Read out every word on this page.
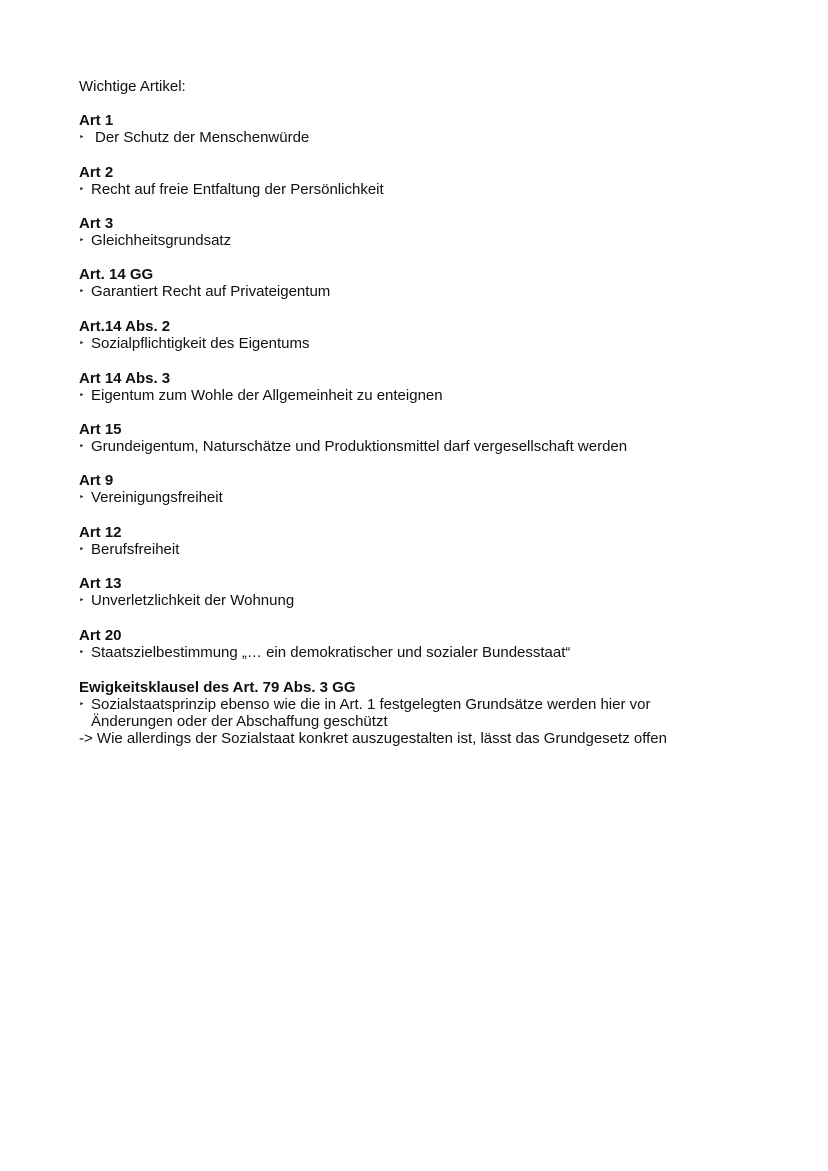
Wichtige Artikel:
Art 1
‣ Der Schutz der Menschenwürde
Art 2
‣ Recht auf freie Entfaltung der Persönlichkeit
Art 3
‣ Gleichheitsgrundsatz
Art. 14 GG
‣ Garantiert Recht auf Privateigentum
Art.14 Abs. 2
‣ Sozialpflichtigkeit des Eigentums
Art 14 Abs. 3
‣ Eigentum zum Wohle der Allgemeinheit zu enteignen
Art 15
‣ Grundeigentum, Naturschätze und Produktionsmittel darf vergesellschaft werden
Art 9
‣ Vereinigungsfreiheit
Art 12
‣ Berufsfreiheit
Art 13
‣ Unverletzlichkeit der Wohnung
Art 20
‣ Staatszielbestimmung „… ein demokratischer und sozialer Bundesstaat“
Ewigkeitsklausel des Art. 79 Abs. 3 GG
‣ Sozialstaatsprinzip ebenso wie die in Art. 1 festgelegten Grundsätze werden hier vor Änderungen oder der Abschaffung geschützt
-> Wie allerdings der Sozialstaat konkret auszugestalten ist, lässt das Grundgesetz offen
